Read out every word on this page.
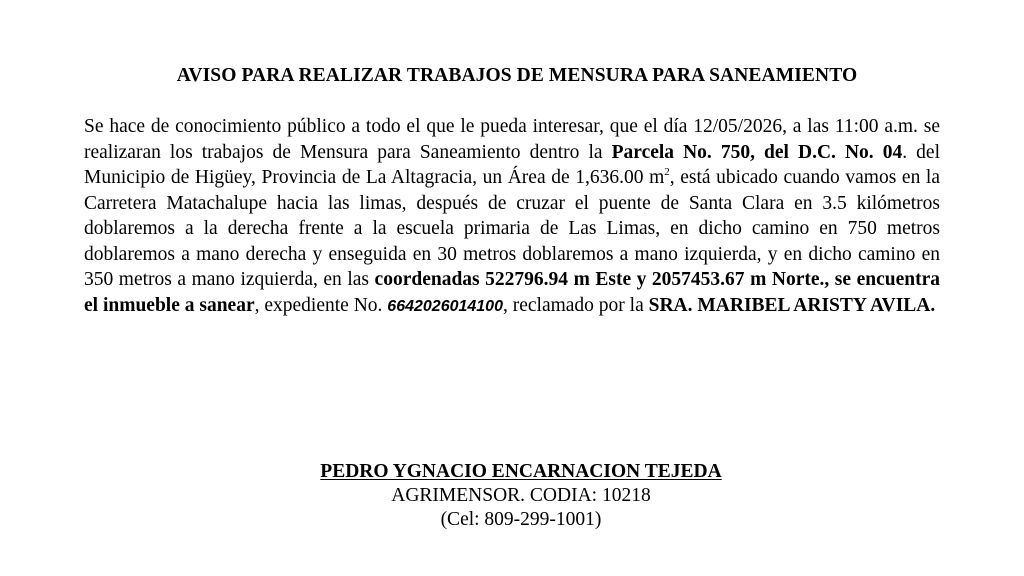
AVISO PARA REALIZAR TRABAJOS DE MENSURA PARA SANEAMIENTO

Se hace de conocimiento público a todo el que le pueda interesar, que el día 12/05/2026, a las 11:00 a.m. se realizaran los trabajos de Mensura para Saneamiento dentro la Parcela No. 750, del D.C. No. 04. del Municipio de Higüey, Provincia de La Altagracia, un Área de 1,636.00 $m^2$, está ubicado cuando vamos en la Carretera Matachalupe hacia las limas, después de cruzar el puente de Santa Clara en 3.5 kilómetros doblaremos a la derecha frente a la escuela primaria de Las Limas, en dicho camino en 750 metros doblaremos a mano derecha y enseguida en 30 metros doblaremos a mano izquierda, y en dicho camino en 350 metros a mano izquierda, en las coordenadas 522796.94 m Este y 2057453.67 m Norte., se encuentra el inmueble a sanear, expediente No. 6642026014100, reclamado por la SRA. MARIBEL ARISTY AVILA.

PEDRO YGNACIO ENCARNACION TEJEDA
AGRIMENSOR. CODIA: 10218
(Cel: 809-299-1001)
